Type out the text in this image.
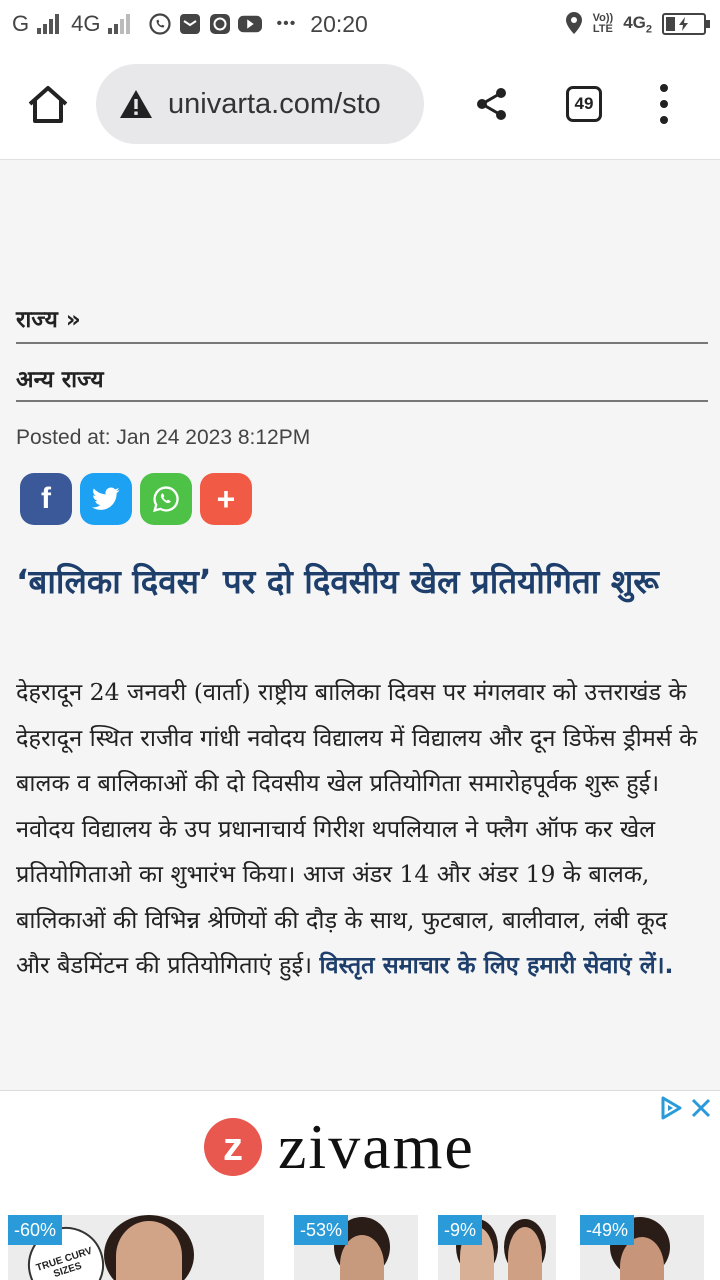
G 4G	••• 20:20	Vo))
LTE $4G_2$
univarta.com/sto	49
राज्य »
अन्य राज्य
Posted at: Jan 24 2023 8:12PM
f	+
‘बालिका दिवस’ पर दो दिवसीय खेल प्रतियोगिता शुरू

देहरादून 24 जनवरी (वार्ता) राष्ट्रीय बालिका दिवस पर मंगलवार को उत्तराखंड के देहरादून स्थित राजीव गांधी नवोदय विद्यालय में विद्यालय और दून डिफेंस ड्रीमर्स के बालक व बालिकाओं की दो दिवसीय खेल प्रतियोगिता समारोहपूर्वक शुरू हुई।

नवोदय विद्यालय के उप प्रधानाचार्य गिरीश थपलियाल ने फ्लैग ऑफ कर खेल प्रतियोगिताओ का शुभारंभ किया। आज अंडर 14 और अंडर 19 के बालक, बालिकाओं की विभिन्न श्रेणियों की दौड़ के साथ, फुटबाल, बालीवाल, लंबी कूद और बैडमिंटन की प्रतियोगिताएं हुई। विस्तृत समाचार के लिए हमारी सेवाएं लें।.

z zivame
TRUE CURV SIZES
-60%	-53%	-9%	-49%
